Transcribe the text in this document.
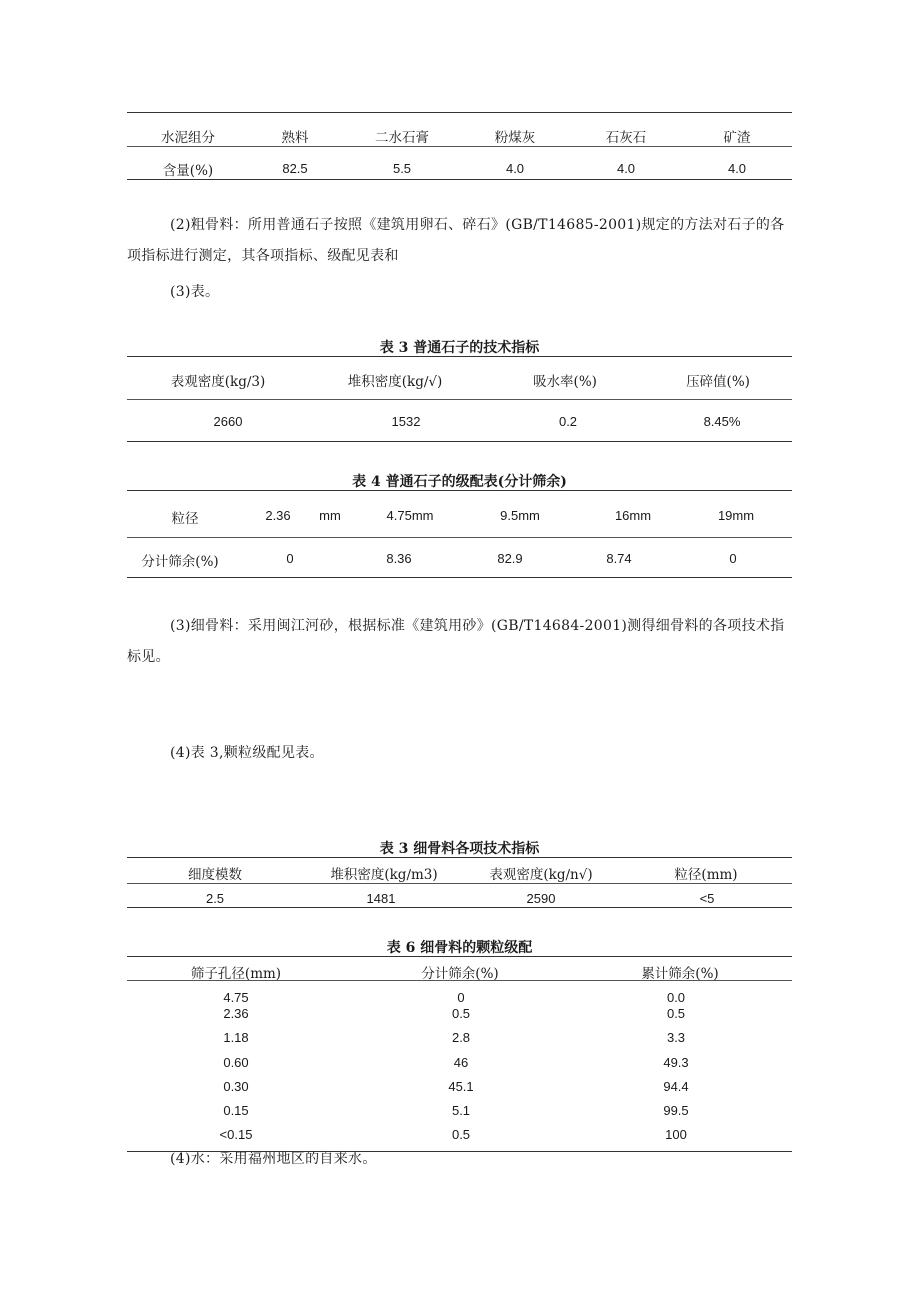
水泥组分	熟料	二水石膏	粉煤灰	石灰石	矿渣
含量(%)	82.5	5.5	4.0	4.0	4.0
(2)粗骨料：所用普通石子按照《建筑用卵石、碎石》(GB/T14685-2001)规定的方法对石子的各
项指标进行测定，其各项指标、级配见表和
(3)表。
表 3 普通石子的技术指标
表观密度(kg∕3)	堆积密度(kg∕√)	吸水率(%)	压碎值(%)
2660	1532	0.2	8.45%
表 4 普通石子的级配表(分计筛余)
粒径	2.36 mm	4.75mm	9.5mm	16mm	19mm
分计筛余(%)	0	8.36	82.9	8.74	0
(3)细骨料：采用闽江河砂，根据标准《建筑用砂》(GB/T14684-2001)测得细骨料的各项技术指
标见。
(4)表 3,颗粒级配见表。
表 3 细骨料各项技术指标
细度模数	堆积密度(kg∕m3)	表观密度(kg∕n√)	粒径(mm)
2.5	1481	2590	<5
表 6 细骨料的颗粒级配
筛子孔径(mm)	分计筛余(%)	累计筛余(%)
4.75	0	0.0
2.36	0.5	0.5
1.18	2.8	3.3
0.60	46	49.3
0.30	45.1	94.4
0.15	5.1	99.5
<0.15	0.5	100
(4)水：采用福州地区的自来水。
